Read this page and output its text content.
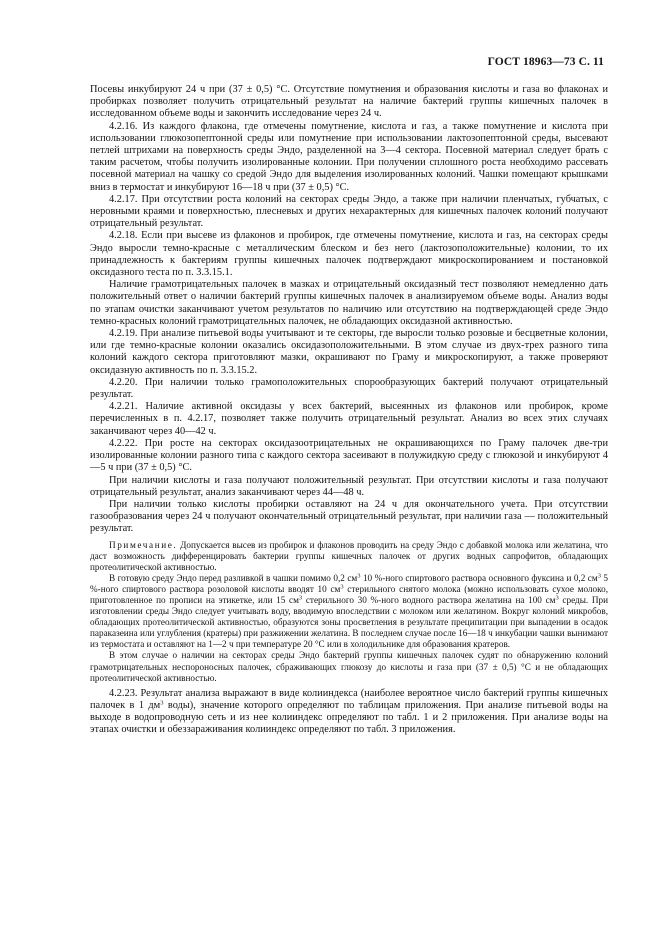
ГОСТ 18963—73 С. 11

Посевы инкубируют 24 ч при (37 ± 0,5) °С. Отсутствие помутнения и образования кислоты и газа во флаконах и пробирках позволяет получить отрицательный результат на наличие бактерий группы кишечных палочек в исследованном объеме воды и закончить исследование через 24 ч.

4.2.16. Из каждого флакона, где отмечены помутнение, кислота и газ, а также помутнение и кислота при использовании глюкозопептонной среды или помутнение при использовании лактозопептонной среды, высевают петлей штрихами на поверхность среды Эндо, разделенной на 3—4 сектора. Посевной материал следует брать с таким расчетом, чтобы получить изолированные колонии. При получении сплошного роста необходимо рассевать посевной материал на чашку со средой Эндо для выделения изолированных колоний. Чашки помещают крышками вниз в термостат и инкубируют 16—18 ч при (37 ± 0,5) °С.

4.2.17. При отсутствии роста колоний на секторах среды Эндо, а также при наличии пленчатых, губчатых, с неровными краями и поверхностью, плесневых и других нехарактерных для кишечных палочек колоний получают отрицательный результат.

4.2.18. Если при высеве из флаконов и пробирок, где отмечены помутнение, кислота и газ, на секторах среды Эндо выросли темно-красные с металлическим блеском и без него (лактозоположительные) колонии, то их принадлежность к бактериям группы кишечных палочек подтверждают микроскопированием и постановкой оксидазного теста по п. 3.3.15.1.

Наличие грамотрицательных палочек в мазках и отрицательный оксидазный тест позволяют немедленно дать положительный ответ о наличии бактерий группы кишечных палочек в анализируемом объеме воды. Анализ воды по этапам очистки заканчивают учетом результатов по наличию или отсутствию на подтверждающей среде Эндо темно-красных колоний грамотрицательных палочек, не обладающих оксидазной активностью.

4.2.19. При анализе питьевой воды учитывают и те секторы, где выросли только розовые и бесцветные колонии, или где темно-красные колонии оказались оксидазоположительными. В этом случае из двух-трех разного типа колоний каждого сектора приготовляют мазки, окрашивают по Граму и микроскопируют, а также проверяют оксидазную активность по п. 3.3.15.2.

4.2.20. При наличии только грамоположительных спорообразующих бактерий получают отрицательный результат.

4.2.21. Наличие активной оксидазы у всех бактерий, высеянных из флаконов или пробирок, кроме перечисленных в п. 4.2.17, позволяет также получить отрицательный результат. Анализ во всех этих случаях заканчивают через 40—42 ч.

4.2.22. При росте на секторах оксидазоотрицательных не окрашивающихся по Граму палочек две-три изолированные колонии разного типа с каждого сектора засеивают в полужидкую среду с глюкозой и инкубируют 4—5 ч при (37 ± 0,5) °С.

При наличии кислоты и газа получают положительный результат. При отсутствии кислоты и газа получают отрицательный результат, анализ заканчивают через 44—48 ч.

При наличии только кислоты пробирки оставляют на 24 ч для окончательного учета. При отсутствии газообразования через 24 ч получают окончательный отрицательный результат, при наличии газа — положительный результат.

Примечание. Допускается высев из пробирок и флаконов проводить на среду Эндо с добавкой молока или желатина, что даст возможность дифференцировать бактерии группы кишечных палочек от других водных сапрофитов, обладающих протеолитической активностью.

В готовую среду Эндо перед разливкой в чашки помимо 0,2 $см^3$ 10 %-ного спиртового раствора основного фуксина и 0,2 $см^3$ 5 %-ного спиртового раствора розоловой кислоты вводят 10 $см^3$ стерильного снятого молока (можно использовать сухое молоко, приготовленное по прописи на этикетке, или 15 $см^3$ стерильного 30 %-ного водного раствора желатина на 100 $см^3$ среды. При изготовлении среды Эндо следует учитывать воду, вводимую впоследствии с молоком или желатином. Вокруг колоний микробов, обладающих протеолитической активностью, образуются зоны просветления в результате преципитации при выпадении в осадок параказеина или углубления (кратеры) при разжижении желатина. В последнем случае после 16—18 ч инкубации чашки вынимают из термостата и оставляют на 1—2 ч при температуре 20 °С или в холодильнике для образования кратеров.

В этом случае о наличии на секторах среды Эндо бактерий группы кишечных палочек судят по обнаружению колоний грамотрицательных неспороносных палочек, сбраживающих глюкозу до кислоты и газа при (37 ± 0,5) °С и не обладающих протеолитической активностью.

4.2.23. Результат анализа выражают в виде колииндекса (наиболее вероятное число бактерий группы кишечных палочек в 1 $дм^3$ воды), значение которого определяют по таблицам приложения. При анализе питьевой воды на выходе в водопроводную сеть и из нее колииндекс определяют по табл. 1 и 2 приложения. При анализе воды на этапах очистки и обеззараживания колииндекс определяют по табл. 3 приложения.
